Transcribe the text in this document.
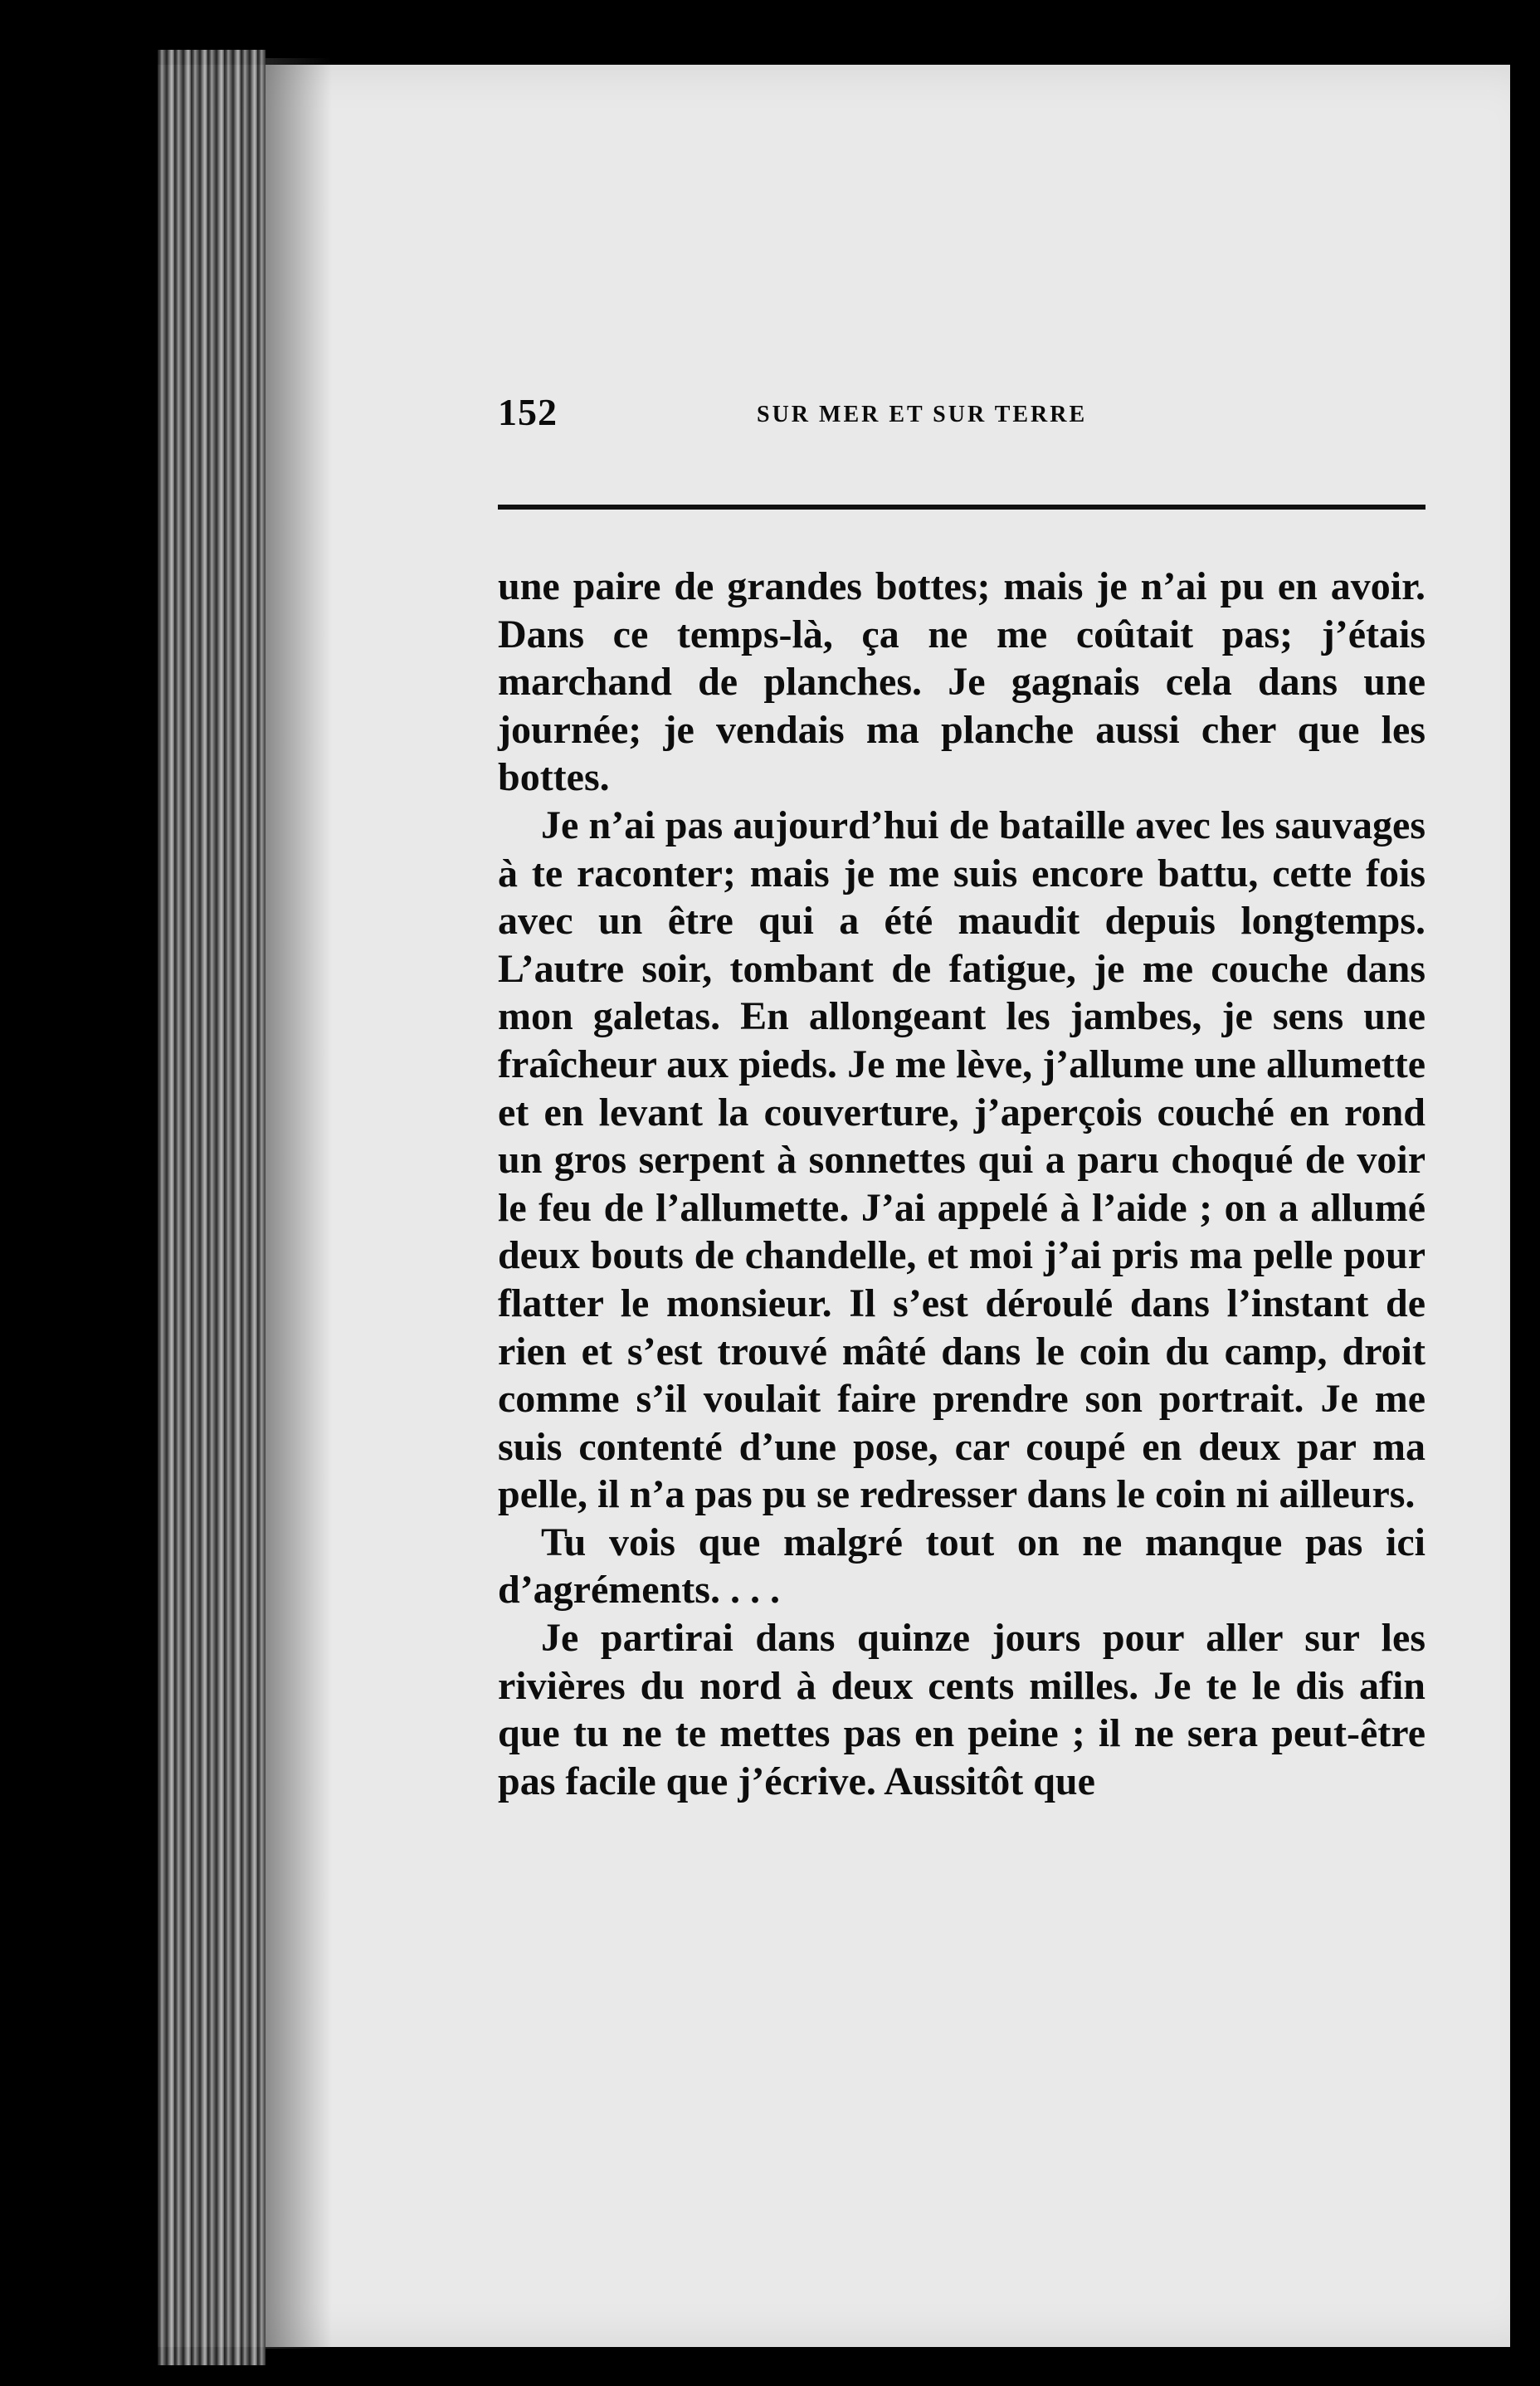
152	SUR MER ET SUR TERRE

une paire de grandes bottes; mais je n’ai pu en avoir. Dans ce temps-là, ça ne me coûtait pas; j’étais marchand de planches. Je gagnais cela dans une journée; je vendais ma planche aussi cher que les bottes.

Je n’ai pas aujourd’hui de bataille avec les sauvages à te raconter; mais je me suis encore battu, cette fois avec un être qui a été maudit depuis longtemps. L’autre soir, tombant de fatigue, je me couche dans mon galetas. En allongeant les jambes, je sens une fraîcheur aux pieds. Je me lève, j’allume une allumette et en levant la couverture, j’aperçois couché en rond un gros serpent à sonnettes qui a paru choqué de voir le feu de l’allumette. J’ai appelé à l’aide ; on a allumé deux bouts de chandelle, et moi j’ai pris ma pelle pour flatter le monsieur. Il s’est déroulé dans l’instant de rien et s’est trouvé mâté dans le coin du camp, droit comme s’il voulait faire prendre son portrait. Je me suis contenté d’une pose, car coupé en deux par ma pelle, il n’a pas pu se redresser dans le coin ni ailleurs.

Tu vois que malgré tout on ne manque pas ici d’agréments. . . .

Je partirai dans quinze jours pour aller sur les rivières du nord à deux cents milles. Je te le dis afin que tu ne te mettes pas en peine ; il ne sera peut-être pas facile que j’écrive. Aussitôt que
